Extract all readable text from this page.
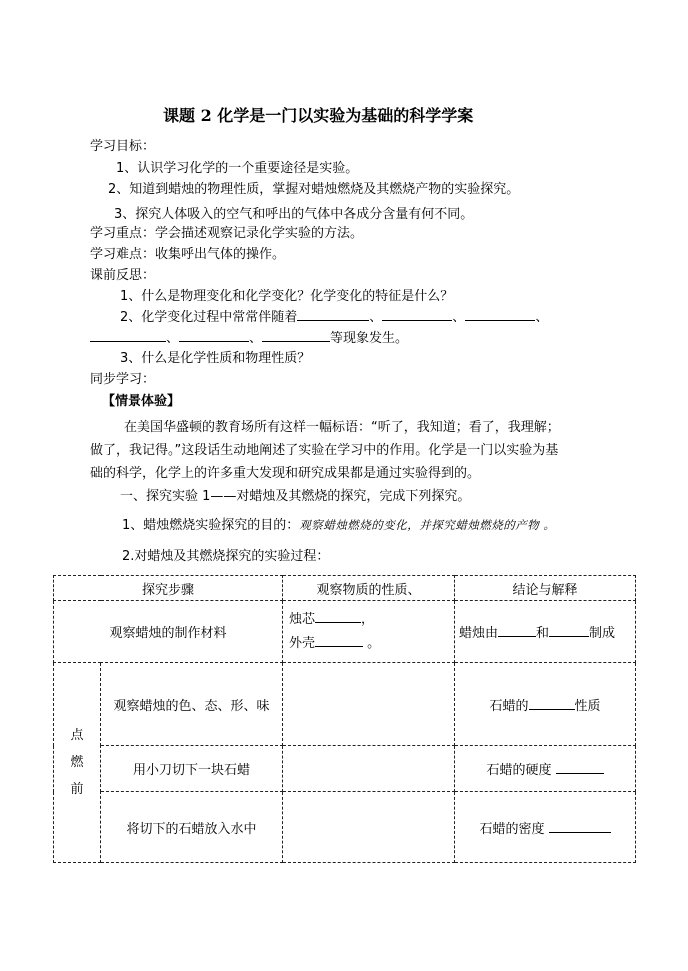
课题 2 化学是一门以实验为基础的科学学案
学习目标：
1、认识学习化学的一个重要途径是实验。
2、知道到蜡烛的物理性质，掌握对蜡烛燃烧及其燃烧产物的实验探究。
3、探究人体吸入的空气和呼出的气体中各成分含量有何不同。
学习重点：学会描述观察记录化学实验的方法。
学习难点：收集呼出气体的操作。
课前反思：
1、什么是物理变化和化学变化？化学变化的特征是什么？
2、化学变化过程中常常伴随着	、	、	、
、	、	等现象发生。
3、什么是化学性质和物理性质？
同步学习：
【情景体验】
在美国华盛顿的教育场所有这样一幅标语：“听了，我知道；看了，我理解；
做了，我记得。”这段话生动地阐述了实验在学习中的作用。化学是一门以实验为基
础的科学，化学上的许多重大发现和研究成果都是通过实验得到的。
一、探究实验 1——对蜡烛及其燃烧的探究，完成下列探究。
1、蜡烛燃烧实验探究的目的：观察蜡烛燃烧的变化，并探究蜡烛燃烧的产物 。
2.对蜡烛及其燃烧探究的实验过程：
探究步骤		观察物质的性质、	结论与解释
观察蜡烛的制作材料		烛芯 ，
外壳 。	蜡烛由 和 制成

点
燃
前	观察蜡烛的色、态、形、味		石蜡的 性质
	用小刀切下一块石蜡		石蜡的硬度
	将切下的石蜡放入水中		石蜡的密度
